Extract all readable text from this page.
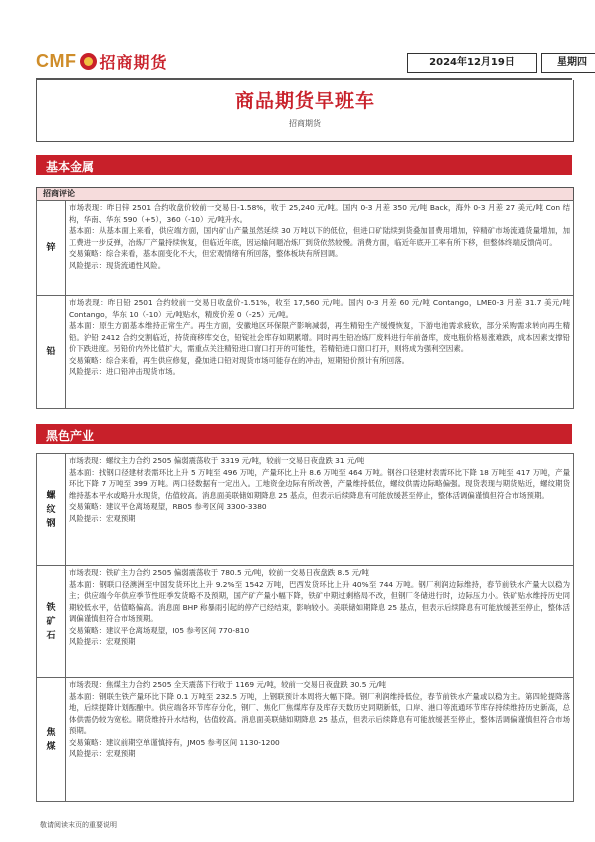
CMF 招商期货	2024年12月19日	星期四
商品期货早班车
招商期货
基本金属
招商评论
锌	市场表现：昨日锌 2501 合约收盘价较前一交易日-1.58%，收于 25,240 元/吨。国内 0-3 月差 350 元/吨 Back，海外 0-3 月差 27 美元/吨 Con 结构，华南、华东 590（+5），360（-10）元/吨升水。

基本面：从基本面上来看，供应端方面，国内矿山产量虽然延续 30 万吨以下的低位，但进口矿陆续到货叠加冒费用增加，锌精矿市场流通货量增加，加工费进一步反弹，冶炼厂产量持续恢复，但临近年底，因运输问题冶炼厂到货依然较慢。消费方面，临近年底开工率有所下移，但整体终端反馈尚可。

交易策略：综合来看，基本面变化不大，但宏观情绪有所回落，整体板块有所回调。

风险提示：现货流通性风险。

铅	市场表现：昨日铅 2501 合约较前一交易日收盘价-1.51%，收至 17,560 元/吨。国内 0-3 月差 60 元/吨 Contango，LME0-3 月差 31.7 美元/吨 Contango，华东 10（-10）元/吨贴水，精废价差 0（-25）元/吨。

基本面：原生方面基本维持正常生产。再生方面，安徽地区环保限产影响减弱，再生精铅生产缓慢恢复，下游电池需求疲软，部分采购需求转向再生精铅。沪铅 2412 合约交割临近，持货商移库交仓，铅锭社会库存如期累增。同时再生铅冶炼厂废料进行年前备库，废电瓶价格易涨难跌，成本因素支撑铅价下跌进度。另铅价内外比值扩大，需重点关注精铅进口窗口打开的可能性，若精铅进口窗口打开，则将成为强利空因素。

交易策略：综合来看，再生供应修复，叠加进口铅对现货市场可能存在的冲击，短期铅价预计有所回落。

风险提示：进口铅冲击现货市场。

黑色产业
螺纹钢	市场表现：螺纹主力合约 2505 偏弱震荡收于 3319 元/吨，较前一交易日夜盘跌 31 元/吨

基本面：找钢口径建材表需环比上升 5 万吨至 496 万吨，产量环比上升 8.6 万吨至 464 万吨。钢谷口径建材表需环比下降 18 万吨至 417 万吨，产量环比下降 7 万吨至 399 万吨。两口径数据有一定出入。工地资金边际有所改善，产量维持低位，螺纹供需边际略偏强。现货表现与期货贴近，螺纹期货维持基本平水或略升水现货，估值较高。消息面美联储如期降息 25 基点，但表示后续降息有可能放缓甚至停止，整体活调偏谨慎但符合市场预期。

交易策略：建议平仓离场观望，RB05 参考区间 3300-3380

风险提示：宏观预期

铁矿石	市场表现：铁矿主力合约 2505 偏弱震荡收于 780.5 元/吨，较前一交易日夜盘跌 8.5 元/吨

基本面：钢联口径澳洲至中国发货环比上升 9.2%至 1542 万吨，巴西发货环比上升 40%至 744 万吨。钢厂利润边际维持，春节前铁水产量大以稳为主；供应端今年供应季节性旺季发货略不及预期，国产矿产量小幅下降，铁矿中期过剩格局不改，但钢厂冬储进行时，边际压力小。铁矿贴水维持历史同期较低水平，估值略偏高。消息面 BHP 称暴雨引起的停产已经结束，影响较小。美联储如期降息 25 基点，但表示后续降息有可能放缓甚至停止，整体活调偏谨慎但符合市场预期。

交易策略：建议平仓离场观望，I05 参考区间 770-810

风险提示：宏观预期

焦煤	市场表现：焦煤主力合约 2505 全天震荡下行收于 1169 元/吨，较前一交易日夜盘跌 30.5 元/吨

基本面：钢联生铁产量环比下降 0.1 万吨至 232.5 万吨，上钢联预计本周将大幅下降。钢厂利润维持低位，春节前铁水产量或以稳为主。第四轮提降落地，后续提降计划酝酿中。供应端各环节库存分化，钢厂、焦化厂焦煤库存及库存天数历史同期新低，口岸、港口等流通环节库存持续维持历史新高，总体供需仍较为宽松。期货维持升水结构，估值较高。消息面美联储如期降息 25 基点，但表示后续降息有可能放缓甚至停止，整体活调偏谨慎但符合市场预期。

交易策略：建议前期空单谨慎持有，JM05 参考区间 1130-1200

风险提示：宏观预期

敬请阅读末页的重要说明
